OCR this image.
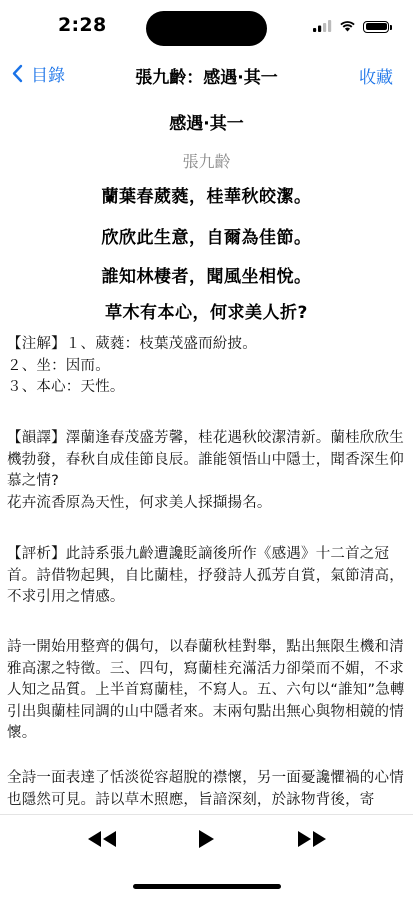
2:28
目錄	張九齡：感遇·其一	收藏
感遇·其一
張九齡
蘭葉春葳蕤，桂華秋皎潔。
欣欣此生意，自爾為佳節。
誰知林棲者，聞風坐相悅。
草木有本心，何求美人折?
【注解】１、葳蕤：枝葉茂盛而紛披。
２、坐：因而。
３、本心：天性。
【韻譯】澤蘭逢春茂盛芳馨，桂花遇秋皎潔清新。蘭桂欣欣生機勃發，春秋自成佳節良辰。誰能領悟山中隱士，聞香深生仰慕之情?
花卉流香原為天性，何求美人採擷揚名。
【評析】此詩系張九齡遭讒貶謫後所作《感遇》十二首之冠首。詩借物起興，自比蘭桂，抒發詩人孤芳自賞，氣節清高，不求引用之情感。
詩一開始用整齊的偶句，以春蘭秋桂對舉，點出無限生機和清雅高潔之特徵。三、四句，寫蘭桂充滿活力卻榮而不媚，不求人知之品質。上半首寫蘭桂，不寫人。五、六句以“誰知”急轉引出與蘭桂同調的山中隱者來。末兩句點出無心與物相競的情懷。
全詩一面表達了恬淡從容超脫的襟懷，另一面憂讒懼禍的心情也隱然可見。詩以草木照應，旨諳深刻，於詠物背後，寄
